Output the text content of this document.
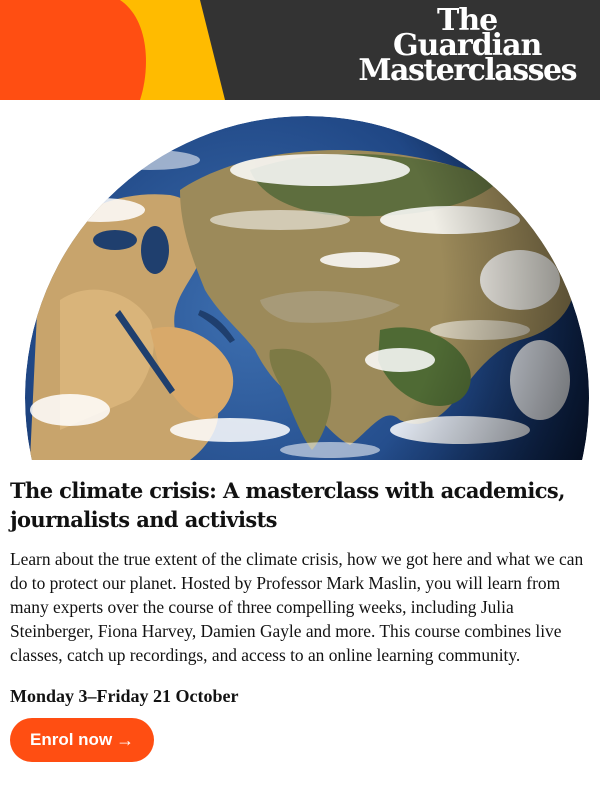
The
Guardian
Masterclasses
The climate crisis: A masterclass with academics, journalists and activists

Learn about the true extent of the climate crisis, how we got here and what we can do to protect our planet. Hosted by Professor Mark Maslin, you will learn from many experts over the course of three compelling weeks, including Julia Steinberger, Fiona Harvey, Damien Gayle and more. This course combines live classes, catch up recordings, and access to an online learning community.

Monday 3–Friday 21 October

Enrol now →
